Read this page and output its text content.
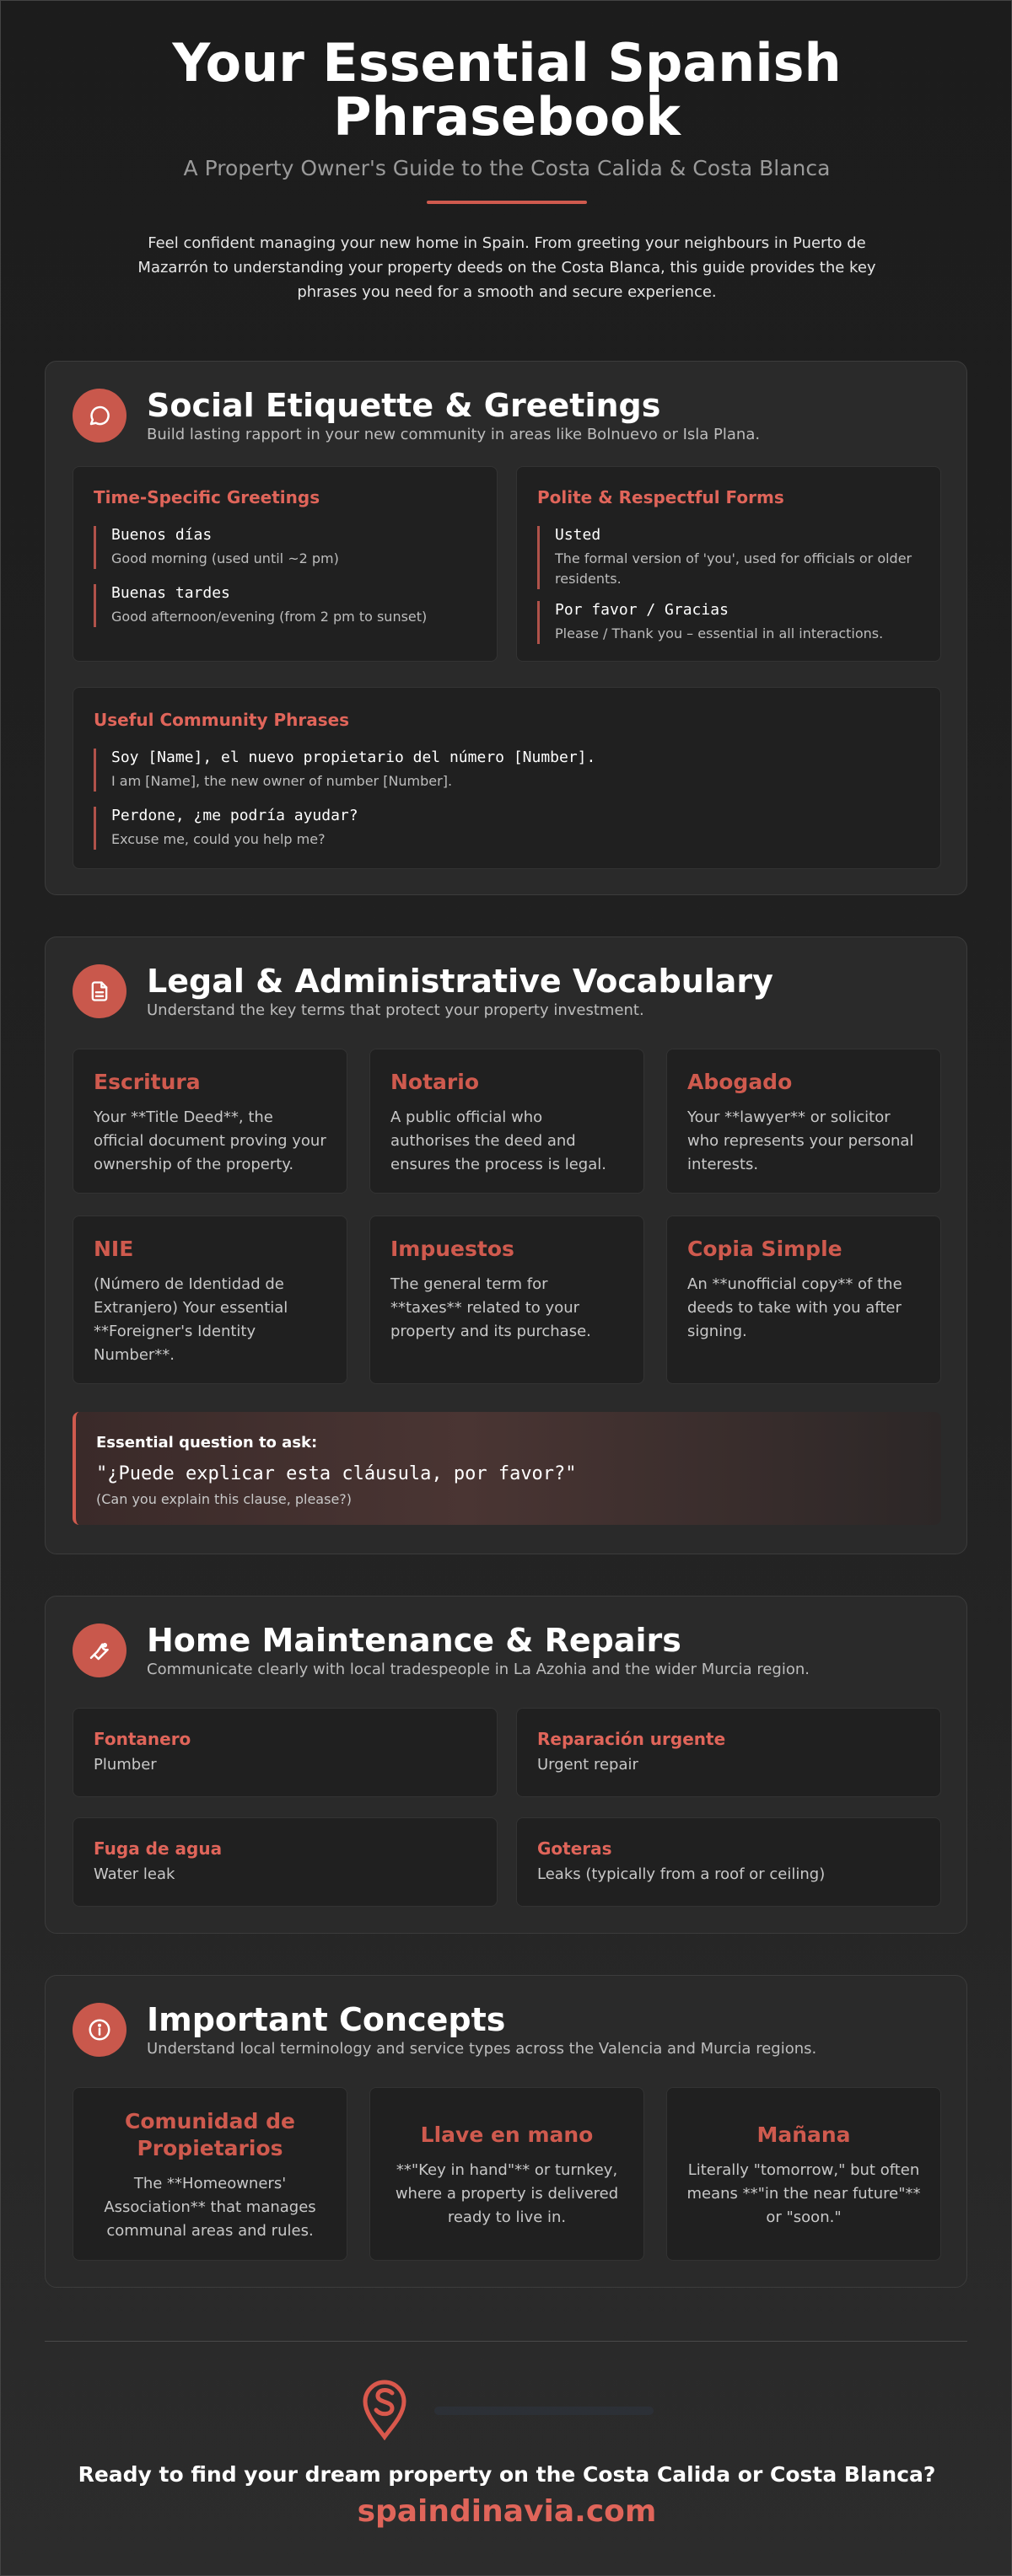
Your Essential Spanish Phrasebook
A Property Owner's Guide to the Costa Calida & Costa Blanca
Feel confident managing your new home in Spain. From greeting your neighbours in Puerto de Mazarrón to understanding your property deeds on the Costa Blanca, this guide provides the key phrases you need for a smooth and secure experience.
Social Etiquette & Greetings
Build lasting rapport in your new community in areas like Bolnuevo or Isla Plana.
Time-Specific Greetings
Buenos días
Good morning (used until ~2 pm)
Buenas tardes
Good afternoon/evening (from 2 pm to sunset)
Polite & Respectful Forms
Usted
The formal version of 'you', used for officials or older residents.
Por favor / Gracias
Please / Thank you – essential in all interactions.
Useful Community Phrases
Soy [Name], el nuevo propietario del número [Number].
I am [Name], the new owner of number [Number].
Perdone, ¿me podría ayudar?
Excuse me, could you help me?
Legal & Administrative Vocabulary
Understand the key terms that protect your property investment.
Escritura
Your **Title Deed**, the official document proving your ownership of the property.
Notario
A public official who authorises the deed and ensures the process is legal.
Abogado
Your **lawyer** or solicitor who represents your personal interests.
NIE
(Número de Identidad de Extranjero) Your essential **Foreigner's Identity Number**.
Impuestos
The general term for **taxes** related to your property and its purchase.
Copia Simple
An **unofficial copy** of the deeds to take with you after signing.
Essential question to ask:
"¿Puede explicar esta cláusula, por favor?"
(Can you explain this clause, please?)
Home Maintenance & Repairs
Communicate clearly with local tradespeople in La Azohia and the wider Murcia region.
Fontanero
Plumber
Reparación urgente
Urgent repair
Fuga de agua
Water leak
Goteras
Leaks (typically from a roof or ceiling)
Important Concepts
Understand local terminology and service types across the Valencia and Murcia regions.
Comunidad de Propietarios
The **Homeowners' Association** that manages communal areas and rules.
Llave en mano
**"Key in hand"** or turnkey, where a property is delivered ready to live in.
Mañana
Literally "tomorrow," but often means **"in the near future"** or "soon."
Ready to find your dream property on the Costa Calida or Costa Blanca?
spaindinavia.com
